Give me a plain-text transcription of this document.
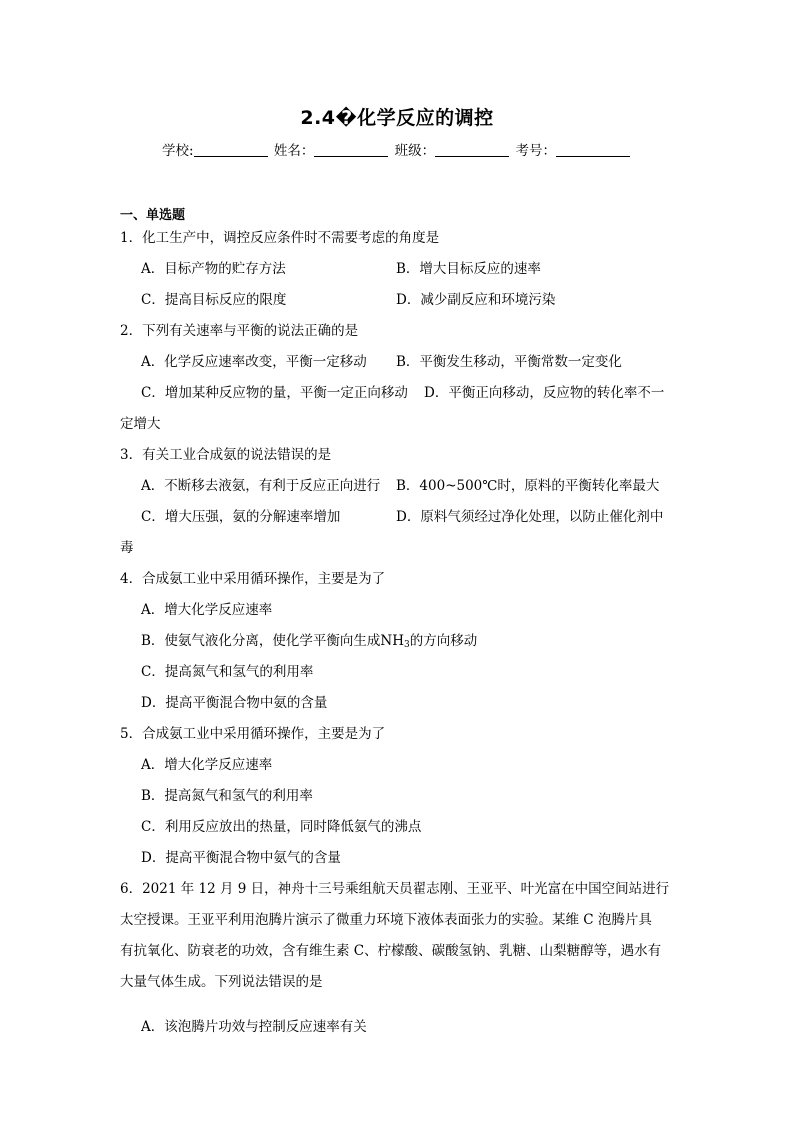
2.4�化学反应的调控
学校:	姓名：	班级：	考号：
一、单选题
1．化工生产中，调控反应条件时不需要考虑的角度是
A．目标产物的贮存方法	B．增大目标反应的速率
C．提高目标反应的限度	D．减少副反应和环境污染
2．下列有关速率与平衡的说法正确的是
A．化学反应速率改变，平衡一定移动 B．平衡发生移动，平衡常数一定变化
C．增加某种反应物的量，平衡一定正向移动 D．平衡正向移动，反应物的转化率不一
定增大
3．有关工业合成氨的说法错误的是
A．不断移去液氨，有利于反应正向进行 B．400~500℃时，原料的平衡转化率最大
C．增大压强，氨的分解速率增加	D．原料气须经过净化处理，以防止催化剂中
毒
4．合成氨工业中采用循环操作，主要是为了
A．增大化学反应速率
B．使氨气液化分离，使化学平衡向生成$NH_3$的方向移动
C．提高氮气和氢气的利用率
D．提高平衡混合物中氨的含量
5．合成氨工业中采用循环操作，主要是为了
A．增大化学反应速率
B．提高氮气和氢气的利用率
C．利用反应放出的热量，同时降低氨气的沸点
D．提高平衡混合物中氨气的含量
6．2021 年 12 月 9 日，神舟十三号乘组航天员翟志刚、王亚平、叶光富在中国空间站进行
太空授课。王亚平利用泡腾片演示了微重力环境下液体表面张力的实验。某维 C 泡腾片具
有抗氧化、防衰老的功效，含有维生素 C、柠檬酸、碳酸氢钠、乳糖、山梨糖醇等，遇水有
大量气体生成。下列说法错误的是
A．该泡腾片功效与控制反应速率有关
